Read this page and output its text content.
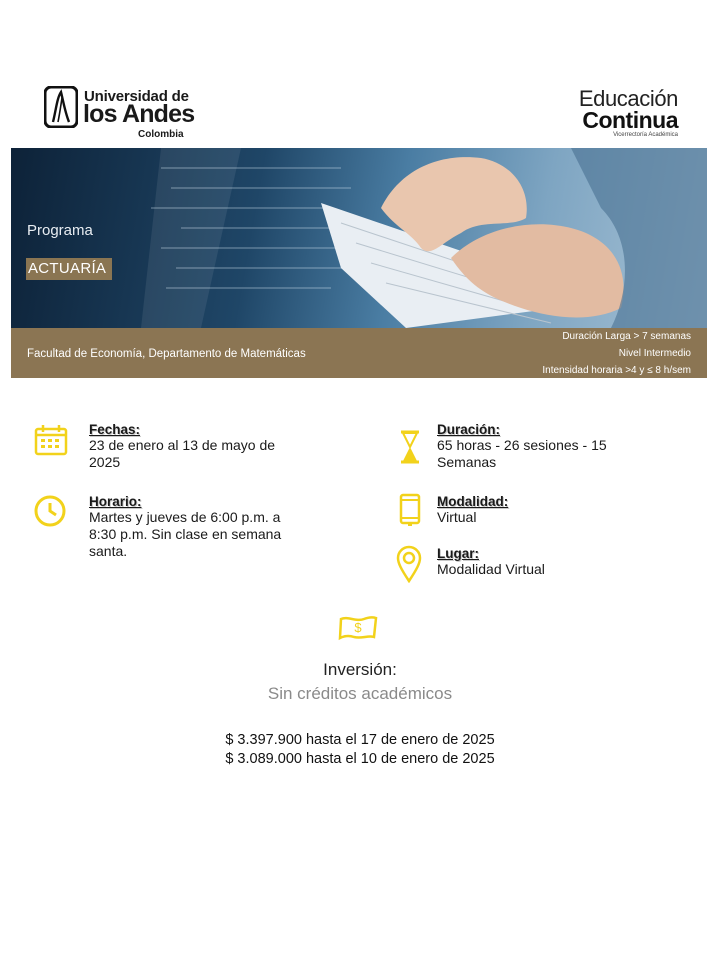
Universidad de
los Andes
Colombia
Educación
Continua
Vicerrectoría Académica
Programa
ACTUARÍA
Facultad de Economía, Departamento de Matemáticas
Duración Larga > 7 semanas
Nivel Intermedio
Intensidad horaria >4 y ≤ 8 h/sem
Fechas:
23 de enero al 13 de mayo de 2025
Horario:
Martes y jueves de 6:00 p.m. a 8:30 p.m. Sin clase en semana santa.
Duración:
65 horas - 26 sesiones - 15 Semanas
Modalidad:
Virtual
Lugar:
Modalidad Virtual
$
Inversión:
Sin créditos académicos
$ 3.397.900 hasta el 17 de enero de 2025
$ 3.089.000 hasta el 10 de enero de 2025
